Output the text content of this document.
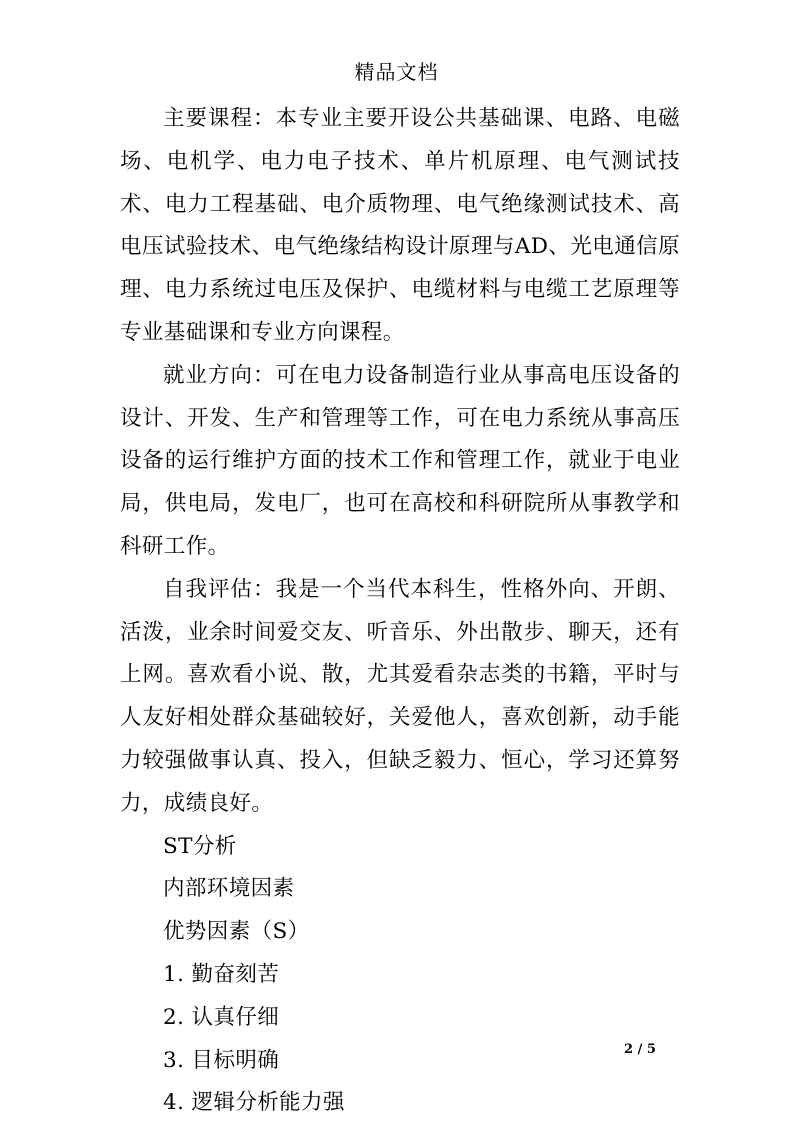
精品文档

主要课程：本专业主要开设公共基础课、电路、电磁场、电机学、电力电子技术、单片机原理、电气测试技术、电力工程基础、电介质物理、电气绝缘测试技术、高电压试验技术、电气绝缘结构设计原理与AD、光电通信原理、电力系统过电压及保护、电缆材料与电缆工艺原理等专业基础课和专业方向课程。

就业方向：可在电力设备制造行业从事高电压设备的设计、开发、生产和管理等工作，可在电力系统从事高压设备的运行维护方面的技术工作和管理工作，就业于电业局，供电局，发电厂，也可在高校和科研院所从事教学和科研工作。

自我评估：我是一个当代本科生，性格外向、开朗、活泼，业余时间爱交友、听音乐、外出散步、聊天，还有上网。喜欢看小说、散，尤其爱看杂志类的书籍，平时与人友好相处群众基础较好，关爱他人，喜欢创新，动手能力较强做事认真、投入，但缺乏毅力、恒心，学习还算努力，成绩良好。

ST分析

内部环境因素

优势因素（S）

1. 勤奋刻苦

2. 认真仔细

3. 目标明确

4. 逻辑分析能力强

2 / 5
